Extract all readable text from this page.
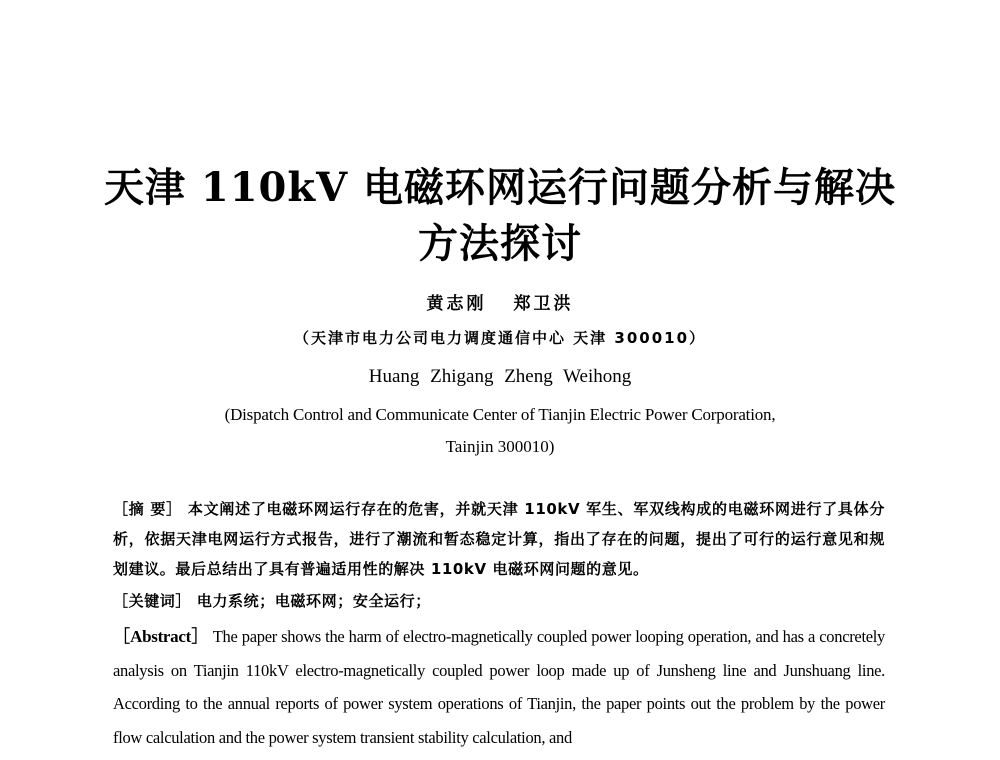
天津 110kV 电磁环网运行问题分析与解决
方法探讨
黄志刚 郑卫洪
（天津市电力公司电力调度通信中心 天津 300010）
Huang Zhigang Zheng Weihong
(Dispatch Control and Communicate Center of Tianjin Electric Power Corporation,
Tainjin 300010)
［摘 要］ 本文阐述了电磁环网运行存在的危害，并就天津 110kV 军生、军双线构成的电磁环网进行了具体分析，依据天津电网运行方式报告，进行了潮流和暂态稳定计算，指出了存在的问题，提出了可行的运行意见和规划建议。最后总结出了具有普遍适用性的解决 110kV 电磁环网问题的意见。
［关键词］ 电力系统；电磁环网；安全运行；
［Abstract］ The paper shows the harm of electro-magnetically coupled power looping operation, and has a concretely analysis on Tianjin 110kV electro-magnetically coupled power loop made up of Junsheng line and Junshuang line. According to the annual reports of power system operations of Tianjin, the paper points out the problem by the power flow calculation and the power system transient stability calculation, and
